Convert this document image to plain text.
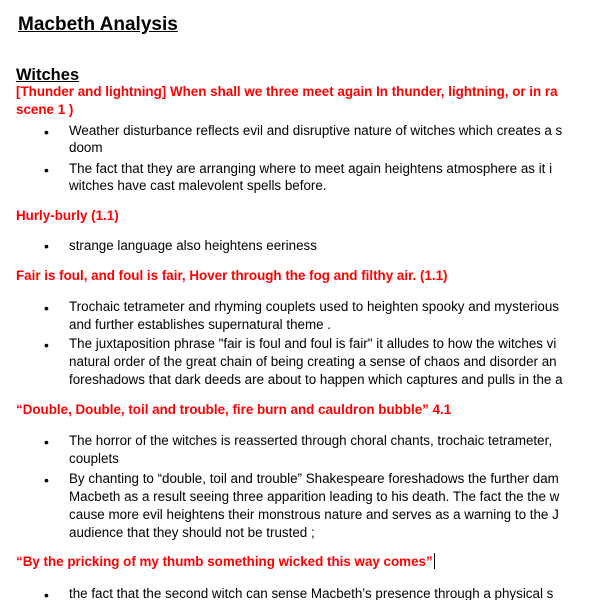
Macbeth Analysis
Witches
[Thunder and lightning] When shall we three meet again In thunder, lightning, or in ra
scene 1 )
• Weather disturbance reflects evil and disruptive nature of witches which creates a s
doom
• The fact that they are arranging where to meet again heightens atmosphere as it i
witches have cast malevolent spells before.
Hurly-burly (1.1)
• strange language also heightens eeriness
Fair is foul, and foul is fair, Hover through the fog and filthy air. (1.1)
• Trochaic tetrameter and rhyming couplets used to heighten spooky and mysterious
and further establishes supernatural theme .
• The juxtaposition phrase "fair is foul and foul is fair" it alludes to how the witches vi
natural order of the great chain of being creating a sense of chaos and disorder an
foreshadows that dark deeds are about to happen which captures and pulls in the a
“Double, Double, toil and trouble, fire burn and cauldron bubble” 4.1
• The horror of the witches is reasserted through choral chants, trochaic tetrameter,
couplets
• By chanting to “double, toil and trouble” Shakespeare foreshadows the further dam
Macbeth as a result seeing three apparition leading to his death. The fact the the w
cause more evil heightens their monstrous nature and serves as a warning to the J
audience that they should not be trusted ;
“By the pricking of my thumb something wicked this way comes”
• the fact that the second witch can sense Macbeth’s presence through a physical s
